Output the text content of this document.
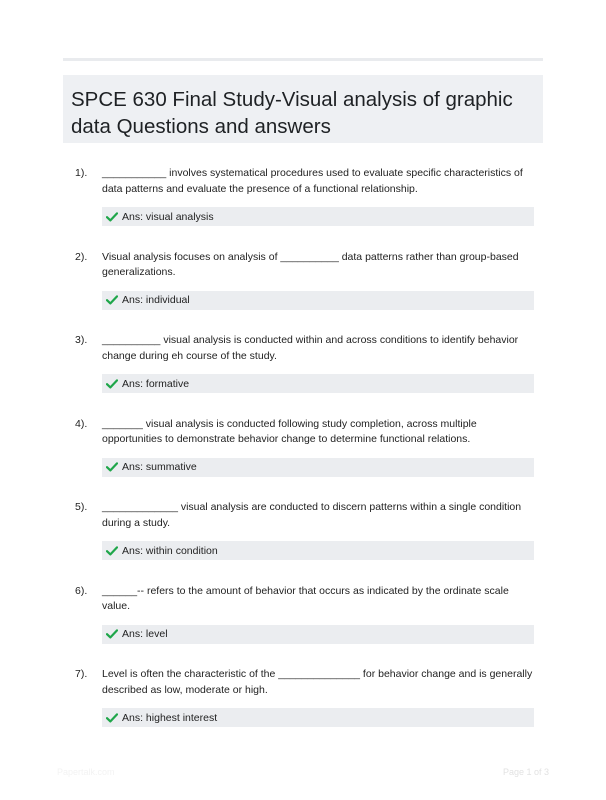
SPCE 630 Final Study-Visual analysis of graphic
data Questions and answers
1). ___________ involves systematical procedures used to evaluate specific characteristics of data patterns and evaluate the presence of a functional relationship.
Ans: visual analysis
2). Visual analysis focuses on analysis of __________ data patterns rather than group-based generalizations.
Ans: individual
3). __________ visual analysis is conducted within and across conditions to identify behavior change during eh course of the study.
Ans: formative
4). _______ visual analysis is conducted following study completion, across multiple opportunities to demonstrate behavior change to determine functional relations.
Ans: summative
5). _____________ visual analysis are conducted to discern patterns within a single condition during a study.
Ans: within condition
6). ______-- refers to the amount of behavior that occurs as indicated by the ordinate scale value.
Ans: level
7). Level is often the characteristic of the ______________ for behavior change and is generally described as low, moderate or high.
Ans: highest interest
Papertalk.com	Page 1 of 3
